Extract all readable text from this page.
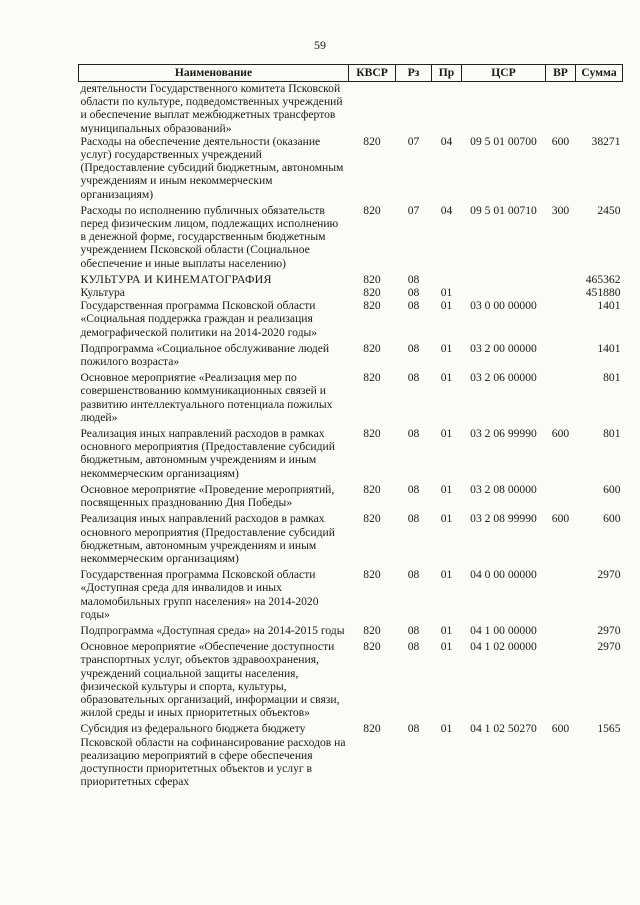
59
Наименование	КВСР	Рз	Пр	ЦСР	ВР	Сумма
деятельности Государственного комитета Псковской области по культуре, подведомственных учреждений и обеспечение выплат межбюджетных трансфертов муниципальных образований»						
Расходы на обеспечение деятельности (оказание услуг) государственных учреждений (Предоставление субсидий бюджетным, автономным учреждениям и иным некоммерческим организациям)	820	07	04	09 5 01 00700	600	38271
Расходы по исполнению публичных обязательств перед физическим лицом, подлежащих исполнению в денежной форме, государственным бюджетным учреждением Псковской области (Социальное обеспечение и иные выплаты населению)	820	07	04	09 5 01 00710	300	2450
КУЛЬТУРА И КИНЕМАТОГРАФИЯ	820	08				465362
Культура	820	08	01			451880
Государственная программа Псковской области «Социальная поддержка граждан и реализация демографической политики на 2014-2020 годы»	820	08	01	03 0 00 00000		1401
Подпрограмма «Социальное обслуживание людей пожилого возраста»	820	08	01	03 2 00 00000		1401
Основное мероприятие «Реализация мер по совершенствованию коммуникационных связей и развитию интеллектуального потенциала пожилых людей»	820	08	01	03 2 06 00000		801
Реализация иных направлений расходов в рамках основного мероприятия (Предоставление субсидий бюджетным, автономным учреждениям и иным некоммерческим организациям)	820	08	01	03 2 06 99990	600	801
Основное мероприятие «Проведение мероприятий, посвященных празднованию Дня Победы»	820	08	01	03 2 08 00000		600
Реализация иных направлений расходов в рамках основного мероприятия (Предоставление субсидий бюджетным, автономным учреждениям и иным некоммерческим организациям)	820	08	01	03 2 08 99990	600	600
Государственная программа Псковской области «Доступная среда для инвалидов и иных маломобильных групп населения» на 2014-2020 годы»	820	08	01	04 0 00 00000		2970
Подпрограмма «Доступная среда» на 2014-2015 годы	820	08	01	04 1 00 00000		2970
Основное мероприятие «Обеспечение доступности транспортных услуг, объектов здравоохранения, учреждений социальной защиты населения, физической культуры и спорта, культуры, образовательных организаций, информации и связи, жилой среды и иных приоритетных объектов»	820	08	01	04 1 02 00000		2970
Субсидия из федерального бюджета бюджету Псковской области на софинансирование расходов на реализацию мероприятий в сфере обеспечения доступности приоритетных объектов и услуг в приоритетных сферах	820	08	01	04 1 02 50270	600	1565
